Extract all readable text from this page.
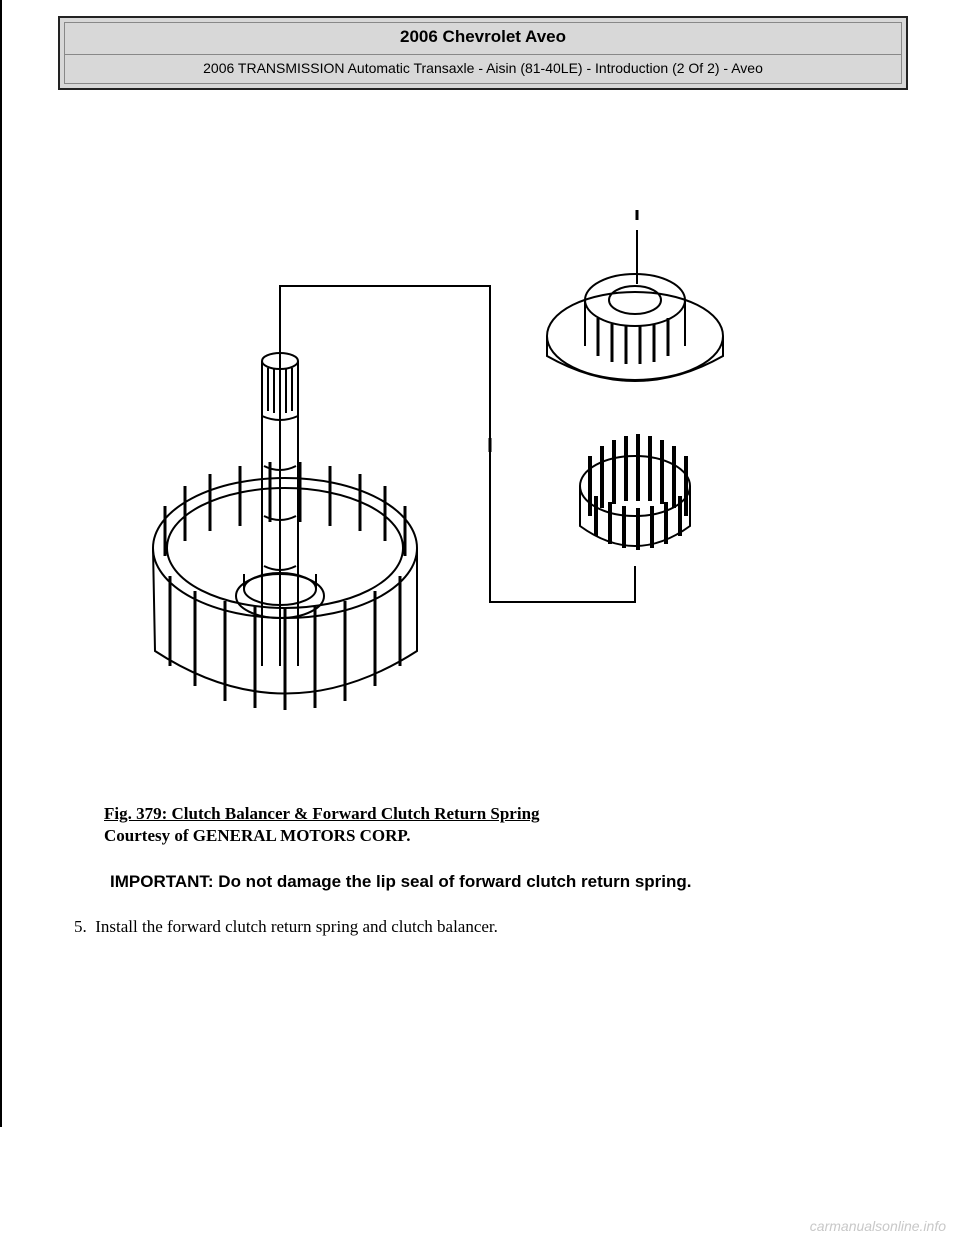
2006 Chevrolet Aveo
2006 TRANSMISSION Automatic Transaxle - Aisin (81-40LE) - Introduction (2 Of 2) - Aveo
Fig. 379: Clutch Balancer & Forward Clutch Return Spring
Courtesy of GENERAL MOTORS CORP.
IMPORTANT: Do not damage the lip seal of forward clutch return spring.
5. Install the forward clutch return spring and clutch balancer.
carmanualsonline.info
